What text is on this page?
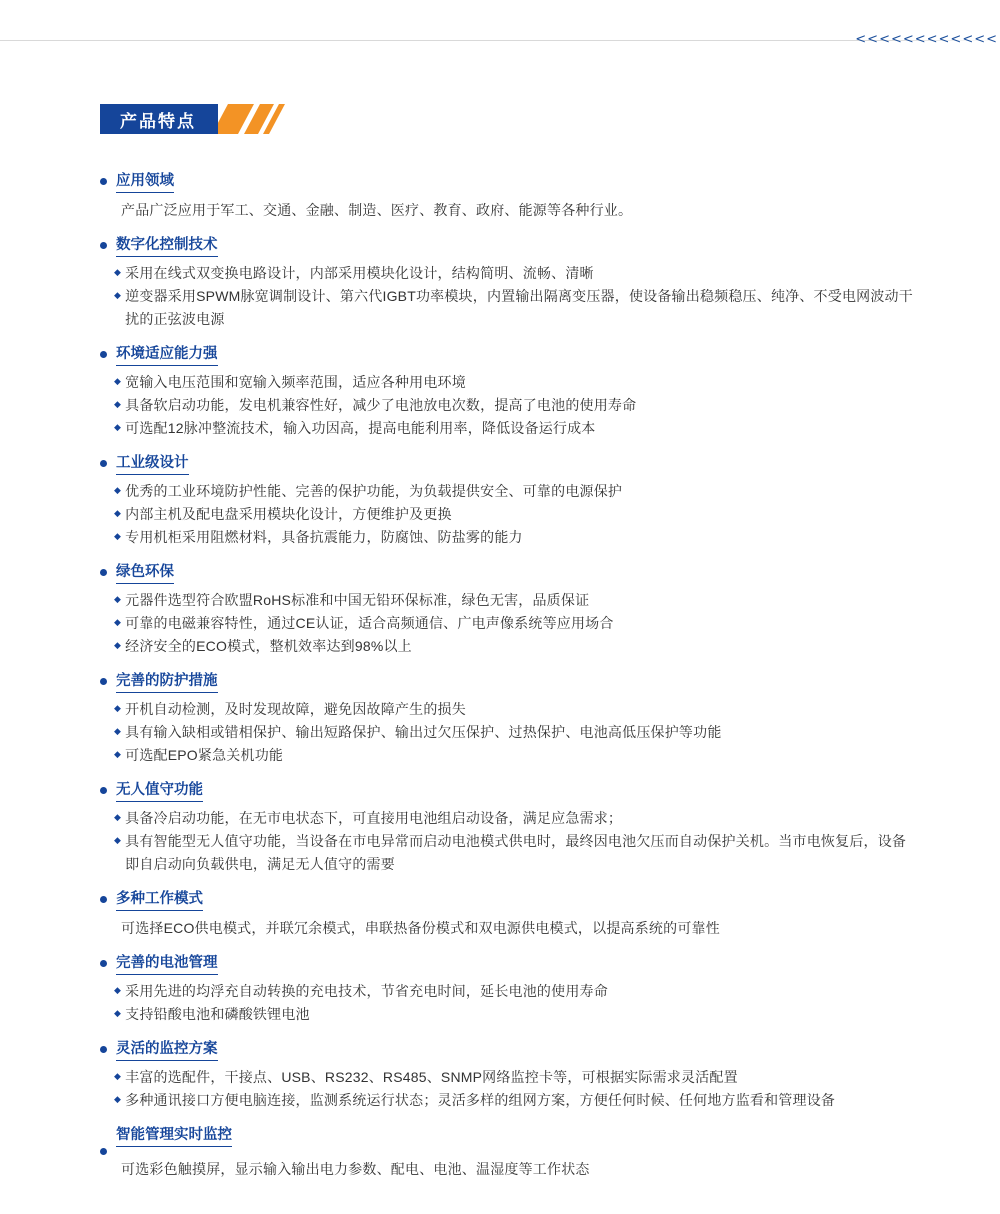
<<<<<<<<<<<<
产品特点
应用领域
产品广泛应用于军工、交通、金融、制造、医疗、教育、政府、能源等各种行业。
数字化控制技术
◆ 采用在线式双变换电路设计，内部采用模块化设计，结构简明、流畅、清晰
◆ 逆变器采用SPWM脉宽调制设计、第六代IGBT功率模块，内置输出隔离变压器，使设备输出稳频稳压、纯净、不受电网波动干扰的正弦波电源
环境适应能力强
◆ 宽输入电压范围和宽输入频率范围，适应各种用电环境
◆ 具备软启动功能，发电机兼容性好，减少了电池放电次数，提高了电池的使用寿命
◆ 可选配12脉冲整流技术，输入功因高，提高电能利用率，降低设备运行成本
工业级设计
◆ 优秀的工业环境防护性能、完善的保护功能，为负载提供安全、可靠的电源保护
◆ 内部主机及配电盘采用模块化设计，方便维护及更换
◆ 专用机柜采用阻燃材料，具备抗震能力，防腐蚀、防盐雾的能力
绿色环保
◆ 元器件选型符合欧盟RoHS标准和中国无铅环保标准，绿色无害，品质保证
◆ 可靠的电磁兼容特性，通过CE认证，适合高频通信、广电声像系统等应用场合
◆ 经济安全的ECO模式，整机效率达到98%以上
完善的防护措施
◆ 开机自动检测，及时发现故障，避免因故障产生的损失
◆ 具有输入缺相或错相保护、输出短路保护、输出过欠压保护、过热保护、电池高低压保护等功能
◆ 可选配EPO紧急关机功能
无人值守功能
◆ 具备冷启动功能，在无市电状态下，可直接用电池组启动设备，满足应急需求；
◆ 具有智能型无人值守功能，当设备在市电异常而启动电池模式供电时，最终因电池欠压而自动保护关机。当市电恢复后，设备即自启动向负载供电，满足无人值守的需要
多种工作模式
可选择ECO供电模式，并联冗余模式，串联热备份模式和双电源供电模式，以提高系统的可靠性
完善的电池管理
◆ 采用先进的均浮充自动转换的充电技术，节省充电时间，延长电池的使用寿命
◆ 支持铅酸电池和磷酸铁锂电池
灵活的监控方案
◆ 丰富的选配件，干接点、USB、RS232、RS485、SNMP网络监控卡等，可根据实际需求灵活配置
◆ 多种通讯接口方便电脑连接，监测系统运行状态；灵活多样的组网方案，方便任何时候、任何地方监看和管理设备
智能管理实时监控
可选彩色触摸屏，显示输入输出电力参数、配电、电池、温湿度等工作状态
